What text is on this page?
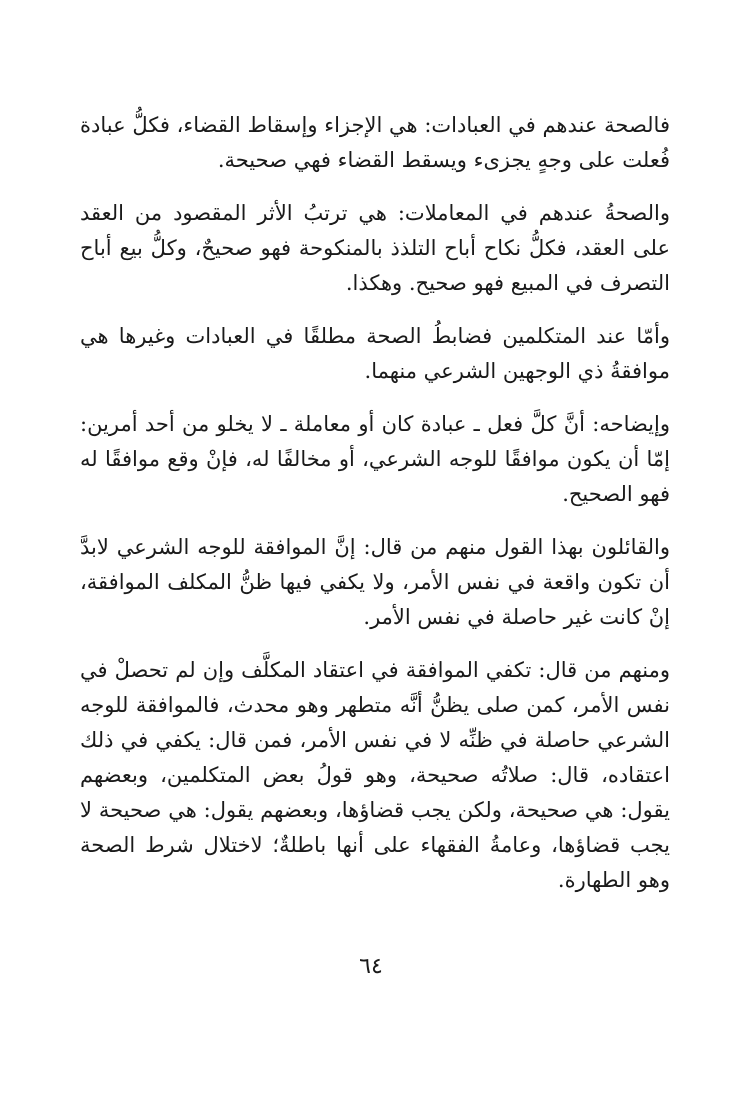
فالصحة عندهم في العبادات: هي الإجزاء وإسقاط القضاء، فكلُّ عبادة فُعلت على وجهٍ يجزىء ويسقط القضاء فهي صحيحة.

والصحةُ عندهم في المعاملات: هي ترتبُ الأثر المقصود من العقد على العقد، فكلُّ نكاح أباح التلذذ بالمنكوحة فهو صحيحٌ، وكلُّ بيع أباح التصرف في المبيع فهو صحيح. وهكذا.

وأمّا عند المتكلمين فضابطُ الصحة مطلقًا في العبادات وغيرها هي موافقةُ ذي الوجهين الشرعي منهما.

وإيضاحه: أنَّ كلَّ فعل ـ عبادة كان أو معاملة ـ لا يخلو من أحد أمرين: إمّا أن يكون موافقًا للوجه الشرعي، أو مخالفًا له، فإنْ وقع موافقًا له فهو الصحيح.

والقائلون بهذا القول منهم من قال: إنَّ الموافقة للوجه الشرعي لابدَّ أن تكون واقعة في نفس الأمر، ولا يكفي فيها ظنُّ المكلف الموافقة، إنْ كانت غير حاصلة في نفس الأمر.

ومنهم من قال: تكفي الموافقة في اعتقاد المكلَّف وإن لم تحصلْ في نفس الأمر، كمن صلى يظنُّ أنَّه متطهر وهو محدث، فالموافقة للوجه الشرعي حاصلة في ظنِّه لا في نفس الأمر، فمن قال: يكفي في ذلك اعتقاده، قال: صلاتُه صحيحة، وهو قولُ بعض المتكلمين، وبعضهم يقول: هي صحيحة، ولكن يجب قضاؤها، وبعضهم يقول: هي صحيحة لا يجب قضاؤها، وعامةُ الفقهاء على أنها باطلةٌ؛ لاختلال شرط الصحة وهو الطهارة.

٦٤
